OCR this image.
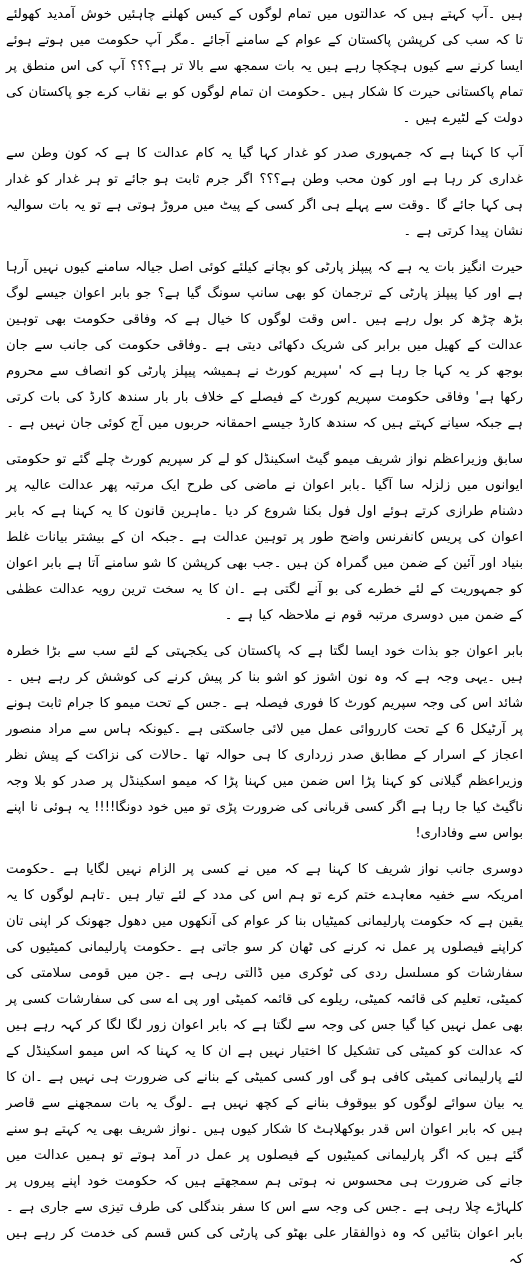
ہیں ۔آپ کہتے ہیں کہ عدالتوں میں تمام لوگوں کے کیس کھلنے چاہئیں خوش آمدید کھولئے تا کہ سب کی کرپشن پاکستان کے عوام کے سامنے آجائے ۔مگر آپ حکومت میں ہوتے ہوئے ایسا کرنے سے کیوں ہچکچا رہے ہیں یہ بات سمجھ سے بالا تر ہے؟؟؟ آپ کی اس منطق پر تمام پاکستانی حیرت کا شکار ہیں ۔حکومت ان تمام لوگوں کو بے نقاب کرے جو پاکستان کی دولت کے لٹیرے ہیں ۔

آپ کا کہنا ہے کہ جمہوری صدر کو غدار کہا گیا یہ کام عدالت کا ہے کہ کون وطن سے غداری کر رہا ہے اور کون محب وطن ہے؟؟؟ اگر جرم ثابت ہو جائے تو ہر غدار کو غدار ہی کہا جائے گا ۔وقت سے پہلے ہی اگر کسی کے پیٹ میں مروڑ ہوتی ہے تو یہ بات سوالیہ نشان پیدا کرتی ہے ۔

حیرت انگیز بات یہ ہے کہ پیپلز پارٹی کو بچانے کیلئے کوئی اصل جیالہ سامنے کیوں نہیں آرہا ہے اور کیا پیپلز پارٹی کے ترجمان کو بھی سانپ سونگ گیا ہے؟ جو بابر اعوان جیسے لوگ بڑھ چڑھ کر بول رہے ہیں ۔اس وقت لوگوں کا خیال ہے کہ وفاقی حکومت بھی توہین عدالت کے کھیل میں برابر کی شریک دکھائی دیتی ہے ۔وفاقی حکومت کی جانب سے جان بوجھ کر یہ کہا جا رہا ہے کہ 'سپریم کورٹ نے ہمیشہ پیپلز پارٹی کو انصاف سے محروم رکھا ہے' وفاقی حکومت سپریم کورٹ کے فیصلے کے خلاف بار بار سندھ کارڈ کی بات کرتی ہے جبکہ سیانے کہتے ہیں کہ سندھ کارڈ جیسے احمقانہ حربوں میں آج کوئی جان نہیں ہے ۔

سابق وزیراعظم نواز شریف میمو گیٹ اسکینڈل کو لے کر سپریم کورٹ چلے گئے تو حکومتی ایوانوں میں زلزلہ سا آگیا ۔بابر اعوان نے ماضی کی طرح ایک مرتبہ پھر عدالت عالیہ پر دشنام طرازی کرتے ہوئے اول فول بکنا شروع کر دیا ۔ماہرین قانون کا یہ کہنا ہے کہ بابر اعوان کی پریس کانفرنس واضح طور پر توہین عدالت ہے ۔جبکہ ان کے بیشتر بیانات غلط بنیاد اور آئین کے ضمن میں گمراہ کن ہیں ۔جب بھی کرپشن کا شو سامنے آتا ہے بابر اعوان کو جمہوریت کے لئے خطرے کی بو آنے لگتی ہے ۔ان کا یہ سخت ترین رویہ عدالت عظمٰی کے ضمن میں دوسری مرتبہ قوم نے ملاحظہ کیا ہے ۔

بابر اعوان جو بذات خود ایسا لگتا ہے کہ پاکستان کی یکجہتی کے لئے سب سے بڑا خطرہ ہیں ۔یہی وجہ ہے کہ وہ نون اشوز کو اشو بنا کر پیش کرنے کی کوشش کر رہے ہیں ۔شائد اس کی وجہ سپریم کورٹ کا فوری فیصلہ ہے ۔جس کے تحت میمو کا جرام ثابت ہونے پر آرٹیکل 6 کے تحت کارروائی عمل میں لائی جاسکتی ہے ۔کیونکہ ہاس سے مراد منصور اعجاز کے اسرار کے مطابق صدر زرداری کا ہی حوالہ تھا ۔حالات کی نزاکت کے پیش نظر وزیراعظم گیلانی کو کہنا پڑا اس ضمن میں کہنا پڑا کہ میمو اسکینڈل پر صدر کو بلا وجہ ناگیٹ کیا جا رہا ہے اگر کسی قربانی کی ضرورت پڑی تو میں خود دونگا!!!! یہ ہوئی نا اپنے بواس سے وفاداری!

دوسری جانب نواز شریف کا کہنا ہے کہ میں نے کسی پر الزام نہیں لگایا ہے ۔حکومت امریکہ سے خفیہ معاہدے ختم کرے تو ہم اس کی مدد کے لئے تیار ہیں ۔تاہم لوگوں کا یہ یقین ہے کہ حکومت پارلیمانی کمیٹیاں بنا کر عوام کی آنکھوں میں دھول جھونک کر اپنی تان کراپنے فیصلوں پر عمل نہ کرنے کی ٹھان کر سو جاتی ہے ۔حکومت پارلیمانی کمیٹیوں کی سفارشات کو مسلسل ردی کی ٹوکری میں ڈالتی رہی ہے ۔جن میں قومی سلامتی کی کمیٹی، تعلیم کی قائمہ کمیٹی، ریلوے کی قائمہ کمیٹی اور پی اے سی کی سفارشات کسی پر بھی عمل نہیں کیا گیا جس کی وجہ سے لگتا ہے کہ بابر اعوان زور لگا لگا کر کہہ رہے ہیں کہ عدالت کو کمیٹی کی تشکیل کا اختیار نہیں ہے ان کا یہ کہنا کہ اس میمو اسکینڈل کے لئے پارلیمانی کمیٹی کافی ہو گی اور کسی کمیٹی کے بنانے کی ضرورت ہی نہیں ہے ۔ان کا یہ بیان سوائے لوگوں کو بیوقوف بنانے کے کچھ نہیں ہے ۔لوگ یہ بات سمجھنے سے قاصر ہیں کہ بابر اعوان اس قدر بوکھلاہٹ کا شکار کیوں ہیں ۔نواز شریف بھی یہ کہتے ہو سنے گئے ہیں کہ اگر پارلیمانی کمیٹیوں کے فیصلوں پر عمل در آمد ہوتے تو ہمیں عدالت میں جانے کی ضرورت ہی محسوس نہ ہوتی ہم سمجھتے ہیں کہ حکومت خود اپنے پیروں پر کلہاڑے چلا رہی ہے ۔جس کی وجہ سے اس کا سفر بندگلی کی طرف تیزی سے جاری ہے ۔بابر اعوان بتائیں کہ وہ ذوالفقار علی بھٹو کی پارٹی کی کس قسم کی خدمت کر رہے ہیں کہ
